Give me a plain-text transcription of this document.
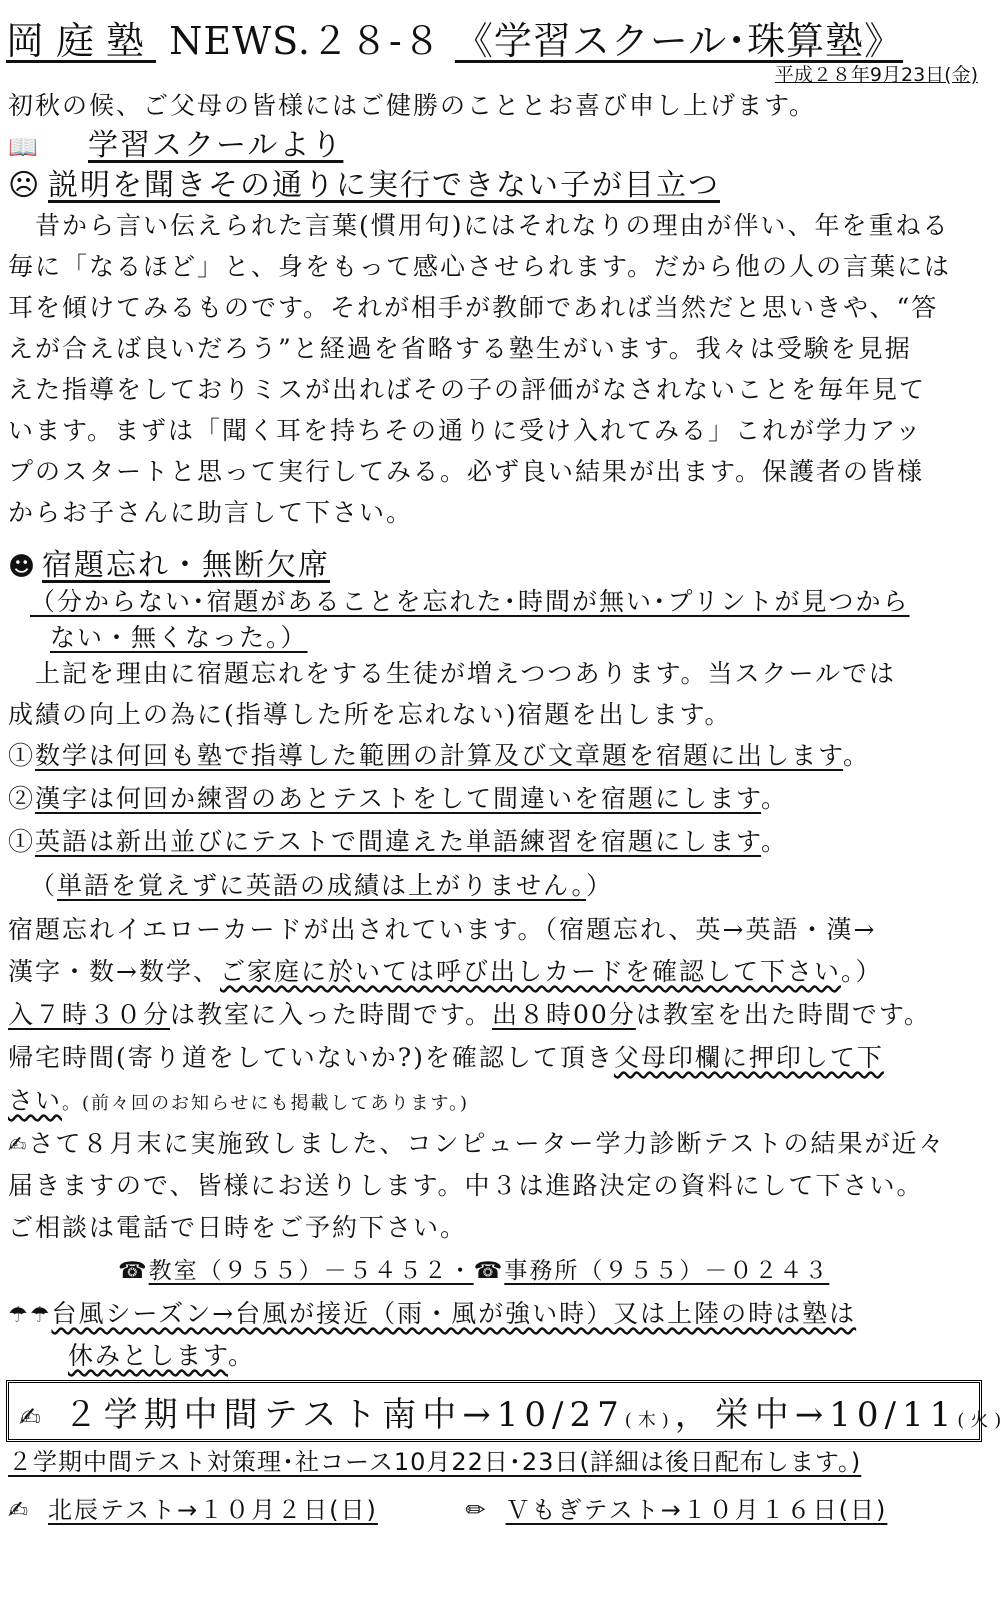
岡庭塾 NEWS.２８-８ 《学習スクール･珠算塾》
平成２８年9月23日(金)
初秋の候、ご父母の皆様にはご健勝のこととお喜び申し上げます。
📖 学習スクールより
☹ 説明を聞きその通りに実行できない子が目立つ
　昔から言い伝えられた言葉(慣用句)にはそれなりの理由が伴い、年を重ねる
毎に「なるほど」と、身をもって感心させられます。だから他の人の言葉には
耳を傾けてみるものです。それが相手が教師であれば当然だと思いきや、“答
えが合えば良いだろう”と経過を省略する塾生がいます。我々は受験を見据
えた指導をしておりミスが出ればその子の評価がなされないことを毎年見て
います。まずは「聞く耳を持ちその通りに受け入れてみる」これが学力アッ
プのスタートと思って実行してみる。必ず良い結果が出ます。保護者の皆様
からお子さんに助言して下さい。
☻ 宿題忘れ・無断欠席
（分からない･宿題があることを忘れた･時間が無い･プリントが見つから
ない・無くなった。）
　上記を理由に宿題忘れをする生徒が増えつつあります。当スクールでは
成績の向上の為に(指導した所を忘れない)宿題を出します。
①数学は何回も塾で指導した範囲の計算及び文章題を宿題に出します。
②漢字は何回か練習のあとテストをして間違いを宿題にします。
①英語は新出並びにテストで間違えた単語練習を宿題にします。
（単語を覚えずに英語の成績は上がりません。）
宿題忘れイエローカードが出されています。（宿題忘れ、英→英語・漢→
漢字・数→数学、ご家庭に於いては呼び出しカードを確認して下さい。）
入７時３０分は教室に入った時間です。出８時00分は教室を出た時間です。
帰宅時間(寄り道をしていないか?)を確認して頂き父母印欄に押印して下
さい。(前々回のお知らせにも掲載してあります。)
✍さて８月末に実施致しました、コンピューター学力診断テストの結果が近々
届きますので、皆様にお送りします。中３は進路決定の資料にして下さい。
ご相談は電話で日時をご予約下さい。
☎教室（９５５）－５４５２・☎事務所（９５５）－０２４３
☂☂台風シーズン→台風が接近（雨・風が強い時）又は上陸の時は塾は
休みとします。
✍ ２学期中間テスト南中→10/27(木)，栄中→10/11(火)
２学期中間テスト対策理･社コース10月22日･23日(詳細は後日配布します。)
✍ 北辰テスト→１０月２日(日)	✏ Ｖもぎテスト→１０月１６日(日)
